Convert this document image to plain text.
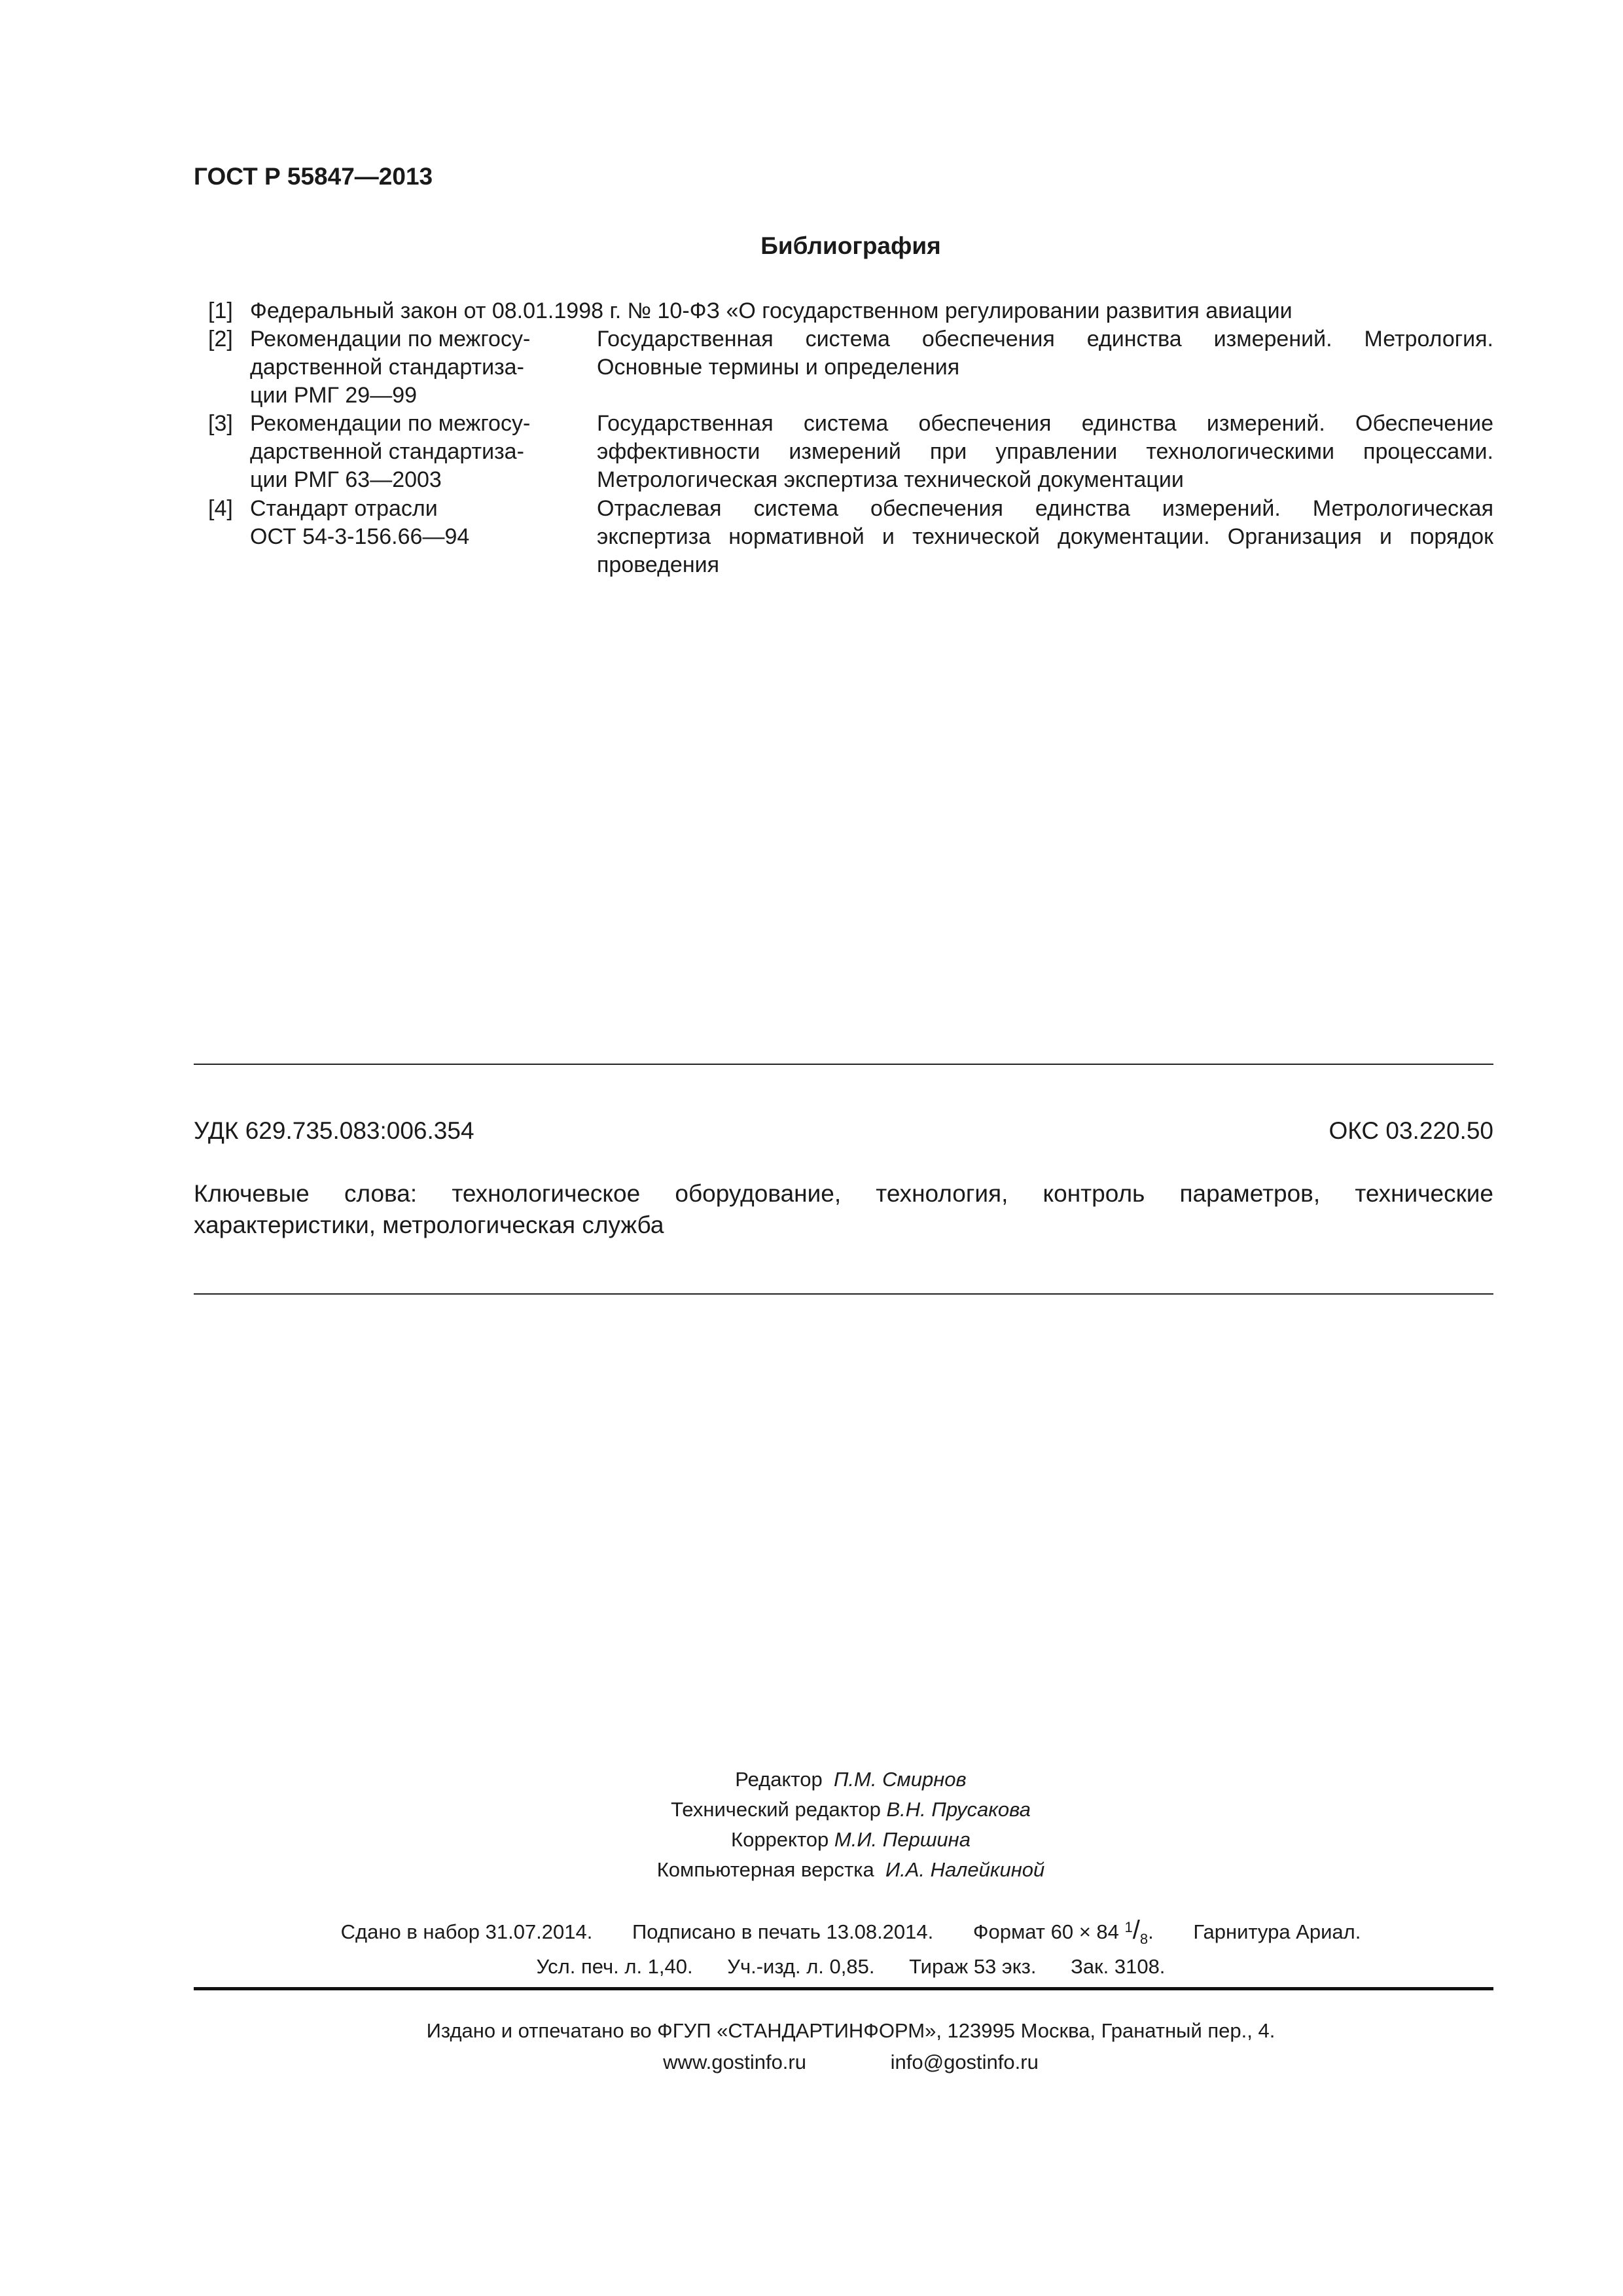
ГОСТ Р 55847—2013
Библиография
[1] Федеральный закон от 08.01.1998 г. № 10-ФЗ «О государственном регулировании развития авиации
[2] Рекомендации по межгосу-
дарственной стандартиза-
ции РМГ 29—99
Государственная система обеспечения единства измерений. Метрология.
Основные термины и определения
[3] Рекомендации по межгосу-
дарственной стандартиза-
ции РМГ 63—2003
Государственная система обеспечения единства измерений. Обеспечение
эффективности измерений при управлении технологическими процессами.
Метрологическая экспертиза технической документации
[4] Стандарт отрасли
ОСТ 54-3-156.66—94
Отраслевая система обеспечения единства измерений. Метрологическая
экспертиза нормативной и технической документации. Организация и порядок
проведения
УДК 629.735.083:006.354	ОКС 03.220.50
Ключевые слова: технологическое оборудование, технология, контроль параметров, технические
характеристики, метрологическая служба
Редактор П.М. Смирнов
Технический редактор В.Н. Прусакова
Корректор М.И. Першина
Компьютерная верстка И.А. Налейкиной
Сдано в набор 31.07.2014. Подписано в печать 13.08.2014. Формат 60 × 84 $^1/_8$. Гарнитура Ариал.
Усл. печ. л. 1,40. Уч.-изд. л. 0,85. Тираж 53 экз. Зак. 3108.
Издано и отпечатано во ФГУП «СТАНДАРТИНФОРМ», 123995 Москва, Гранатный пер., 4.
www.gostinfo.ru	info@gostinfo.ru
